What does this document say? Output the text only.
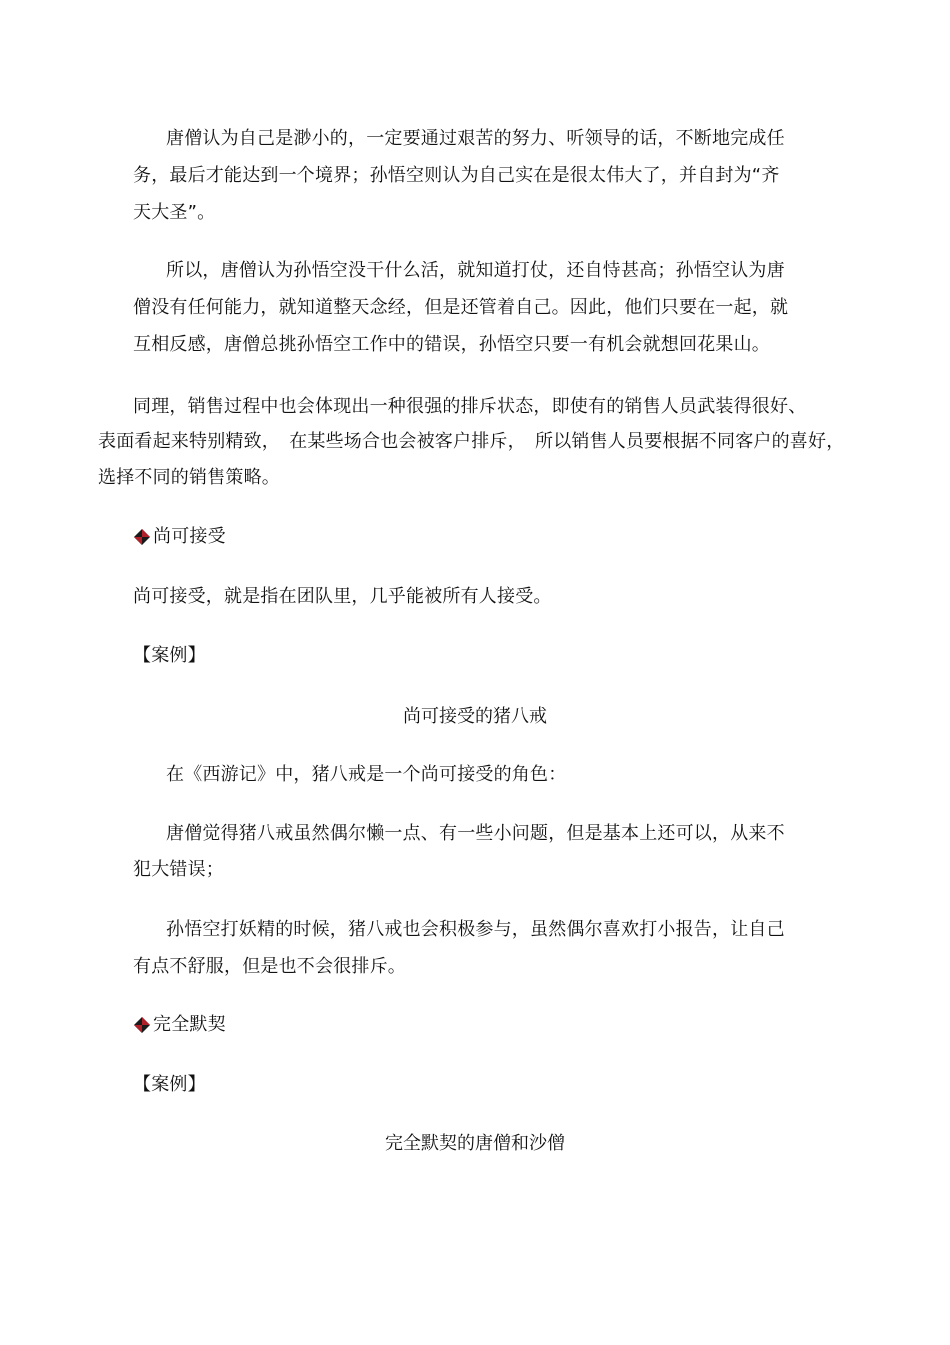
唐僧认为自己是渺小的，一定要通过艰苦的努力、听领导的话，不断地完成任
务，最后才能达到一个境界；孙悟空则认为自己实在是很太伟大了，并自封为“齐
天大圣”。
所以，唐僧认为孙悟空没干什么活，就知道打仗，还自恃甚高；孙悟空认为唐
僧没有任何能力，就知道整天念经，但是还管着自己。因此，他们只要在一起，就
互相反感，唐僧总挑孙悟空工作中的错误，孙悟空只要一有机会就想回花果山。
同理，销售过程中也会体现出一种很强的排斥状态，即使有的销售人员武装得很好、
表面看起来特别精致，　在某些场合也会被客户排斥，　所以销售人员要根据不同客户的喜好，
选择不同的销售策略。
尚可接受
尚可接受，就是指在团队里，几乎能被所有人接受。
【案例】
尚可接受的猪八戒
在《西游记》中，猪八戒是一个尚可接受的角色：
唐僧觉得猪八戒虽然偶尔懒一点、有一些小问题，但是基本上还可以，从来不
犯大错误；
孙悟空打妖精的时候，猪八戒也会积极参与，虽然偶尔喜欢打小报告，让自己
有点不舒服，但是也不会很排斥。
完全默契
【案例】
完全默契的唐僧和沙僧
